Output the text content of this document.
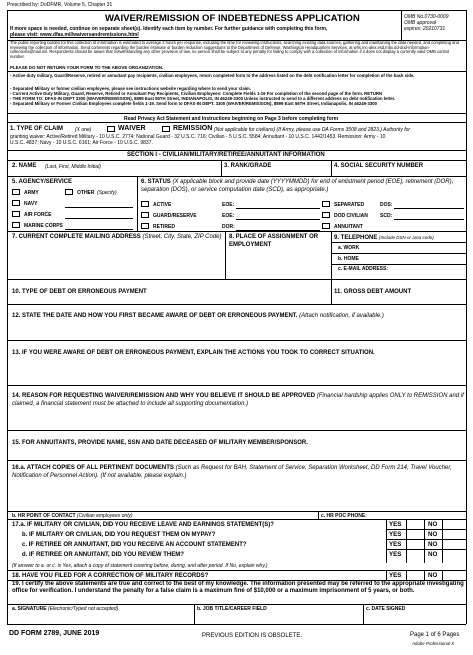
Prescribed by: DoDFMR, Volume 5, Chapter 31
WAIVER/REMISSION OF INDEBTEDNESS APPLICATION
If more space is needed, continue on separate sheet(s). Identify each item by number. For further guidance with completing this form,
please visit: www.dfas.mil/waiversandremissions.html
OMB No.0730-0009
OMB approval
expires: 20210731
The public reporting burden for this collection of information is estimated to average 2 hours per response, including the time for reviewing instructions, searching existing data sources, gathering and maintaining the data needed, and completing and reviewing the collection of information. Send comments regarding the burden estimate or burden reduction suggestions to the Department of Defense, Washington Headquarters Services, at whs.mc-alex.esd.mbx.dd-dod-information-collections@mail.mil. Respondents should be aware that notwithstanding any other provision of law, no person shall be subject to any penalty for failing to comply with a collection of information if it does not display a currently valid OMB control number.
PLEASE DO NOT RETURN YOUR FORM TO THE ABOVE ORGANIZATION.
- Active duty military, Guard/Reserve, retired or annuitant pay recipients, civilian employees, return completed form to the address listed on the debt notification letter for completion of the back side.
- Separated Military or former civilian employees, please see instructions website regarding where to send your claim.
- Current Active Duty Military, Guard, Reserve, Retired or Annuitant Pay Recipients, Civilian Employees: Complete Fields 1-19 For completion of the second page of the form. RETURN
- THE FORM TO: DFAS-IN DEPT 3300 (WAIVER/REMISSION), 8899 East 56TH Street, INDIANAPOLIS, IN 46249-3300 Unless instructed to send to a different address on debt notification letter.
- Separated Military or Former Civilian Employees complete fields 1-19. Send form to DFAS-IN DEPT. 3300 (WAIVER/REMISSION), 8899 East 56TH Street, Indianapolis, IN 46249-3300
Read Privacy Act Statement and Instructions beginning on Page 3 before completing form
1. TYPE OF CLAIM (X one)	WAIVER	REMISSION (Not applicable for civilians) (If Army, please use DA Forms 3508 and 2823.) Authority for
granting waiver: Active/Retired Military - 10 U.S.C. 2774; National Guard - 32 U.S.C. 716; Civilian - 5 U.S.C. 5584; Annuitant - 10 U.S.C. 1442/1453. Remission: Army - 10
U.S.C. 4837; Navy - 10 U.S.C. 6161; Air Force - 10 U.S.C. 9837.
SECTION I - CIVILIAN/MILITARY/RETIREE/ANNUITANT INFORMATION
2. NAME (Last, First, Middle Initial)	3. RANK/GRADE	4. SOCIAL SECURITY NUMBER
5. AGENCY/SERVICE
ARMY	OTHER (Specify)
NAVY
AIR FORCE
MARINE CORPS
6. STATUS (X applicable block and provide date (YYYYMMDD) for end of enlistment period (EOE), retirement (DOR), separation (DOS), or service computation date (SCD), as appropriate.)
ACTIVE	EOE:
GUARD/RESERVE	EOE:
RETIRED	DOR:
SEPARATED	DOS:
DOD CIVILIAN SCD:
ANNUITANT
7. CURRENT COMPLETE MAILING ADDRESS (Street, City, State, ZIP Code) 8. PLACE OF ASSIGNMENT OR EMPLOYMENT
9. TELEPHONE (Include DSN or area code)
a. WORK
b. HOME
c. E-MAIL ADDRESS:
10. TYPE OF DEBT OR ERRONEOUS PAYMENT	11. GROSS DEBT AMOUNT
12. STATE THE DATE AND HOW YOU FIRST BECAME AWARE OF DEBT OR ERRONEOUS PAYMENT. (Attach notification, if available.)
13. IF YOU WERE AWARE OF DEBT OR ERRONEOUS PAYMENT, EXPLAIN THE ACTIONS YOU TOOK TO CORRECT SITUATION.
14. REASON FOR REQUESTING WAIVER/REMISSION AND WHY YOU BELIEVE IT SHOULD BE APPROVED (Financial hardship applies ONLY to REMISSION and if claimed, a financial statement must be attached to include all supporting documentation.)
15. FOR ANNUITANTS, PROVIDE NAME, SSN AND DATE DECEASED OF MILITARY MEMBER/SPONSOR.
16.a. ATTACH COPIES OF ALL PERTINENT DOCUMENTS (Such as Request for BAH, Statement of Service, Separation Worksheet, DD Form 214, Travel Voucher, Notification of Personnel Action). (If not available, please explain.)
b. HR POINT OF CONTACT (Civilian employees only)	c. HR POC PHONE:
17.a. IF MILITARY OR CIVILIAN, DID YOU RECEIVE LEAVE AND EARNINGS STATEMENT(S)?
b. IF MILITARY OR CIVILIAN, DID YOU REQUEST THEM ON MYPAY?
c. IF RETIREE OR ANNUITANT, DID YOU RECEIVE AN ACCOUNT STATEMENT?
d. IF RETIREE OR ANNUITANT, DID YOU REVIEW THEM?
YES	NO
YES	NO
YES	NO
YES	NO
(If answer to a. or c. is Yes, attach a copy of statement covering before, during, and after period. If No, explain why.)
18. HAVE YOU FILED FOR A CORRECTION OF MILITARY RECORDS?	YES	NO
19. I certify the above statements are true and correct to the best of my knowledge. The information presented may be referred to the appropriate investigating office for verification. I understand the penalty for a false claim is a maximum fine of $10,000 or a maximum imprisonment of 5 years, or both.
a. SIGNATURE (Electronic/Typed not accepted)	b. JOB TITLE/CAREER FIELD	c. DATE SIGNED
DD FORM 2789, JUNE 2019	PREVIOUS EDITION IS OBSOLETE.	Page 1 of 6 Pages
Adobe Professional X
